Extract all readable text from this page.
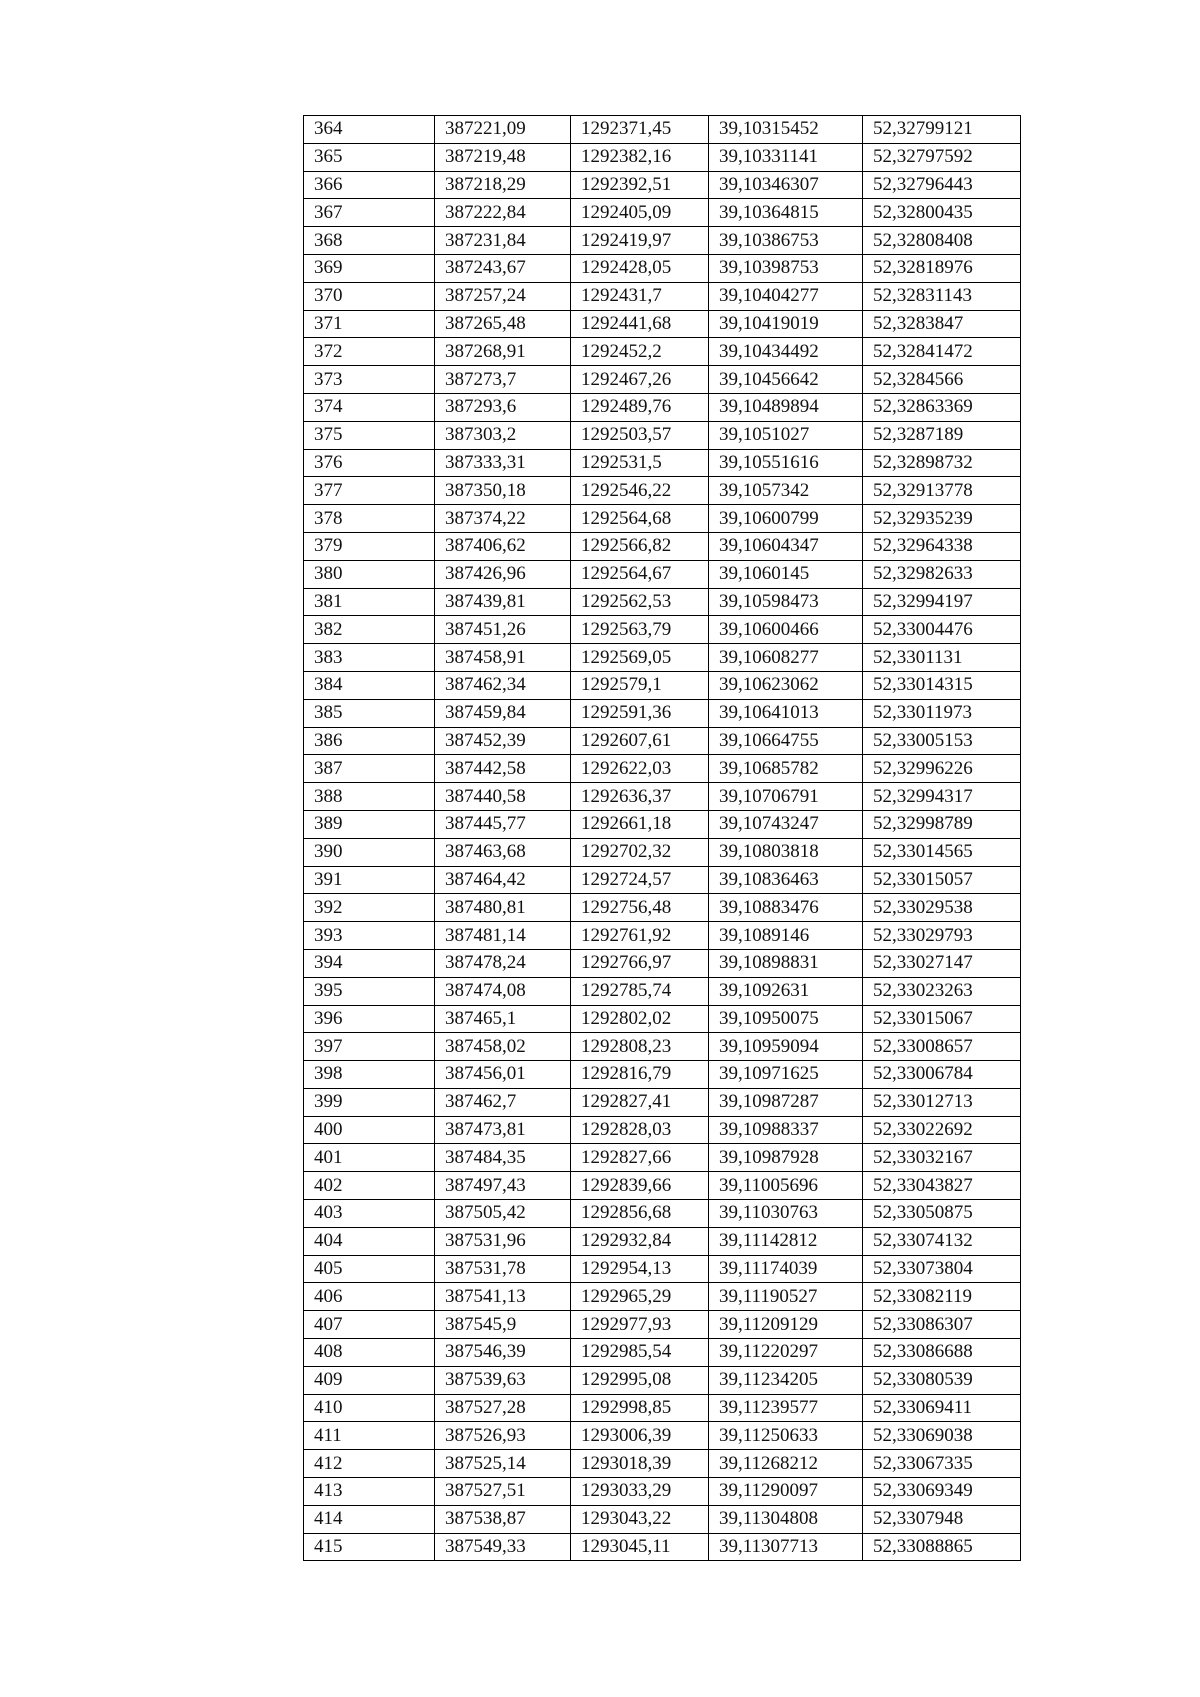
364	387221,09	1292371,45	39,10315452	52,32799121
365	387219,48	1292382,16	39,10331141	52,32797592
366	387218,29	1292392,51	39,10346307	52,32796443
367	387222,84	1292405,09	39,10364815	52,32800435
368	387231,84	1292419,97	39,10386753	52,32808408
369	387243,67	1292428,05	39,10398753	52,32818976
370	387257,24	1292431,7	39,10404277	52,32831143
371	387265,48	1292441,68	39,10419019	52,3283847
372	387268,91	1292452,2	39,10434492	52,32841472
373	387273,7	1292467,26	39,10456642	52,3284566
374	387293,6	1292489,76	39,10489894	52,32863369
375	387303,2	1292503,57	39,1051027	52,3287189
376	387333,31	1292531,5	39,10551616	52,32898732
377	387350,18	1292546,22	39,1057342	52,32913778
378	387374,22	1292564,68	39,10600799	52,32935239
379	387406,62	1292566,82	39,10604347	52,32964338
380	387426,96	1292564,67	39,1060145	52,32982633
381	387439,81	1292562,53	39,10598473	52,32994197
382	387451,26	1292563,79	39,10600466	52,33004476
383	387458,91	1292569,05	39,10608277	52,3301131
384	387462,34	1292579,1	39,10623062	52,33014315
385	387459,84	1292591,36	39,10641013	52,33011973
386	387452,39	1292607,61	39,10664755	52,33005153
387	387442,58	1292622,03	39,10685782	52,32996226
388	387440,58	1292636,37	39,10706791	52,32994317
389	387445,77	1292661,18	39,10743247	52,32998789
390	387463,68	1292702,32	39,10803818	52,33014565
391	387464,42	1292724,57	39,10836463	52,33015057
392	387480,81	1292756,48	39,10883476	52,33029538
393	387481,14	1292761,92	39,1089146	52,33029793
394	387478,24	1292766,97	39,10898831	52,33027147
395	387474,08	1292785,74	39,1092631	52,33023263
396	387465,1	1292802,02	39,10950075	52,33015067
397	387458,02	1292808,23	39,10959094	52,33008657
398	387456,01	1292816,79	39,10971625	52,33006784
399	387462,7	1292827,41	39,10987287	52,33012713
400	387473,81	1292828,03	39,10988337	52,33022692
401	387484,35	1292827,66	39,10987928	52,33032167
402	387497,43	1292839,66	39,11005696	52,33043827
403	387505,42	1292856,68	39,11030763	52,33050875
404	387531,96	1292932,84	39,11142812	52,33074132
405	387531,78	1292954,13	39,11174039	52,33073804
406	387541,13	1292965,29	39,11190527	52,33082119
407	387545,9	1292977,93	39,11209129	52,33086307
408	387546,39	1292985,54	39,11220297	52,33086688
409	387539,63	1292995,08	39,11234205	52,33080539
410	387527,28	1292998,85	39,11239577	52,33069411
411	387526,93	1293006,39	39,11250633	52,33069038
412	387525,14	1293018,39	39,11268212	52,33067335
413	387527,51	1293033,29	39,11290097	52,33069349
414	387538,87	1293043,22	39,11304808	52,3307948
415	387549,33	1293045,11	39,11307713	52,33088865
